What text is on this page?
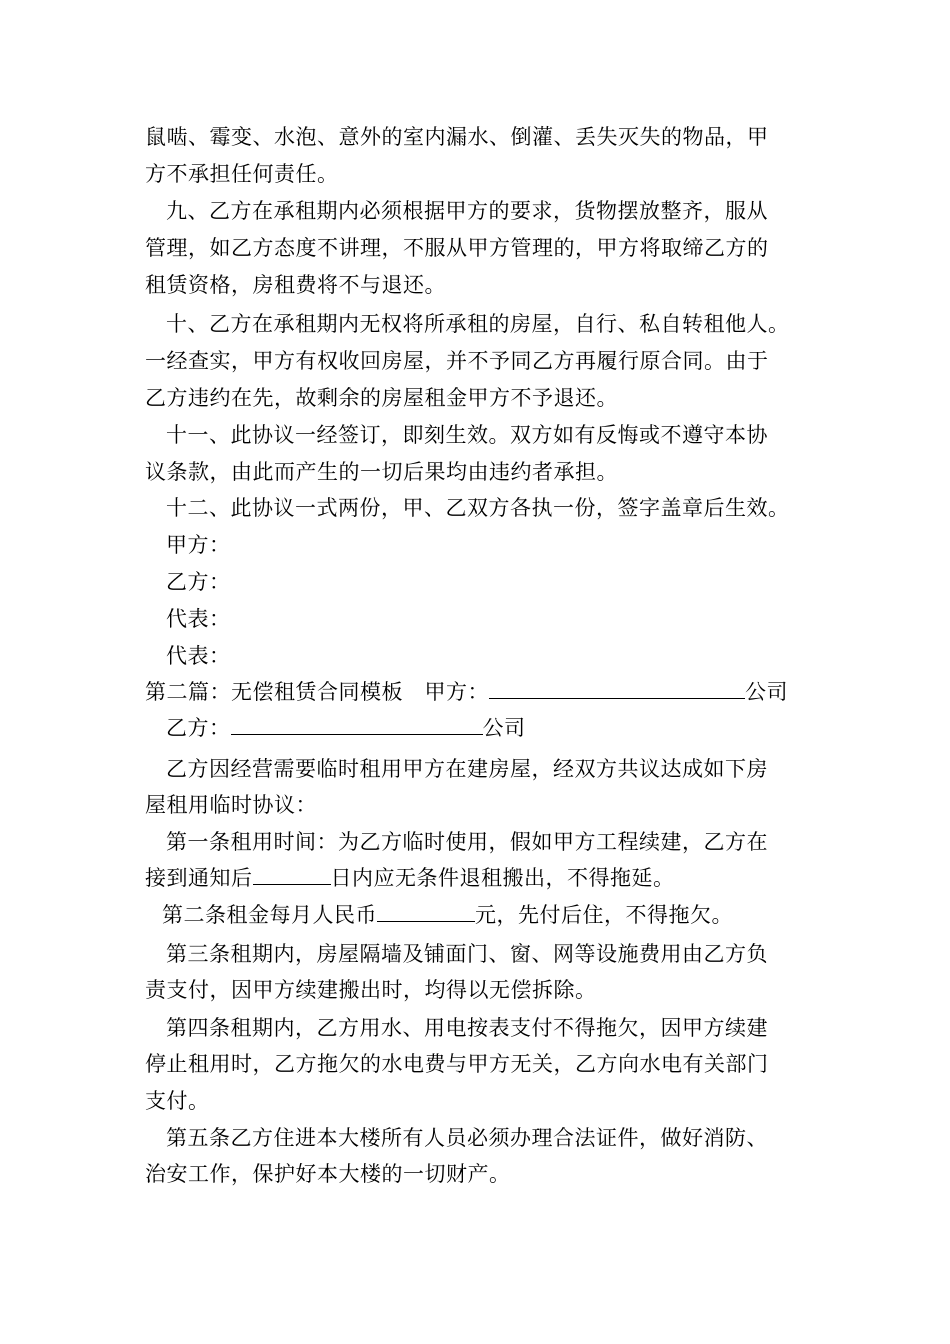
鼠啮、霉变、水泡、意外的室内漏水、倒灌、丢失灭失的物品，甲
方不承担任何责任。
九、乙方在承租期内必须根据甲方的要求，货物摆放整齐，服从
管理，如乙方态度不讲理，不服从甲方管理的，甲方将取缔乙方的
租赁资格，房租费将不与退还。
十、乙方在承租期内无权将所承租的房屋，自行、私自转租他人。
一经查实，甲方有权收回房屋，并不予同乙方再履行原合同。由于
乙方违约在先，故剩余的房屋租金甲方不予退还。
十一、此协议一经签订，即刻生效。双方如有反悔或不遵守本协
议条款，由此而产生的一切后果均由违约者承担。
十二、此协议一式两份，甲、乙双方各执一份，签字盖章后生效。
甲方：
乙方：
代表：
代表：
第二篇：无偿租赁合同模板　甲方：	公司
乙方：	公司
乙方因经营需要临时租用甲方在建房屋，经双方共议达成如下房
屋租用临时协议：
第一条租用时间：为乙方临时使用，假如甲方工程续建，乙方在
接到通知后	日内应无条件退租搬出，不得拖延。
第二条租金每月人民币	元，先付后住，不得拖欠。
第三条租期内，房屋隔墙及铺面门、窗、网等设施费用由乙方负
责支付，因甲方续建搬出时，均得以无偿拆除。
第四条租期内，乙方用水、用电按表支付不得拖欠，因甲方续建
停止租用时，乙方拖欠的水电费与甲方无关，乙方向水电有关部门
支付。
第五条乙方住进本大楼所有人员必须办理合法证件，做好消防、
治安工作，保护好本大楼的一切财产。
